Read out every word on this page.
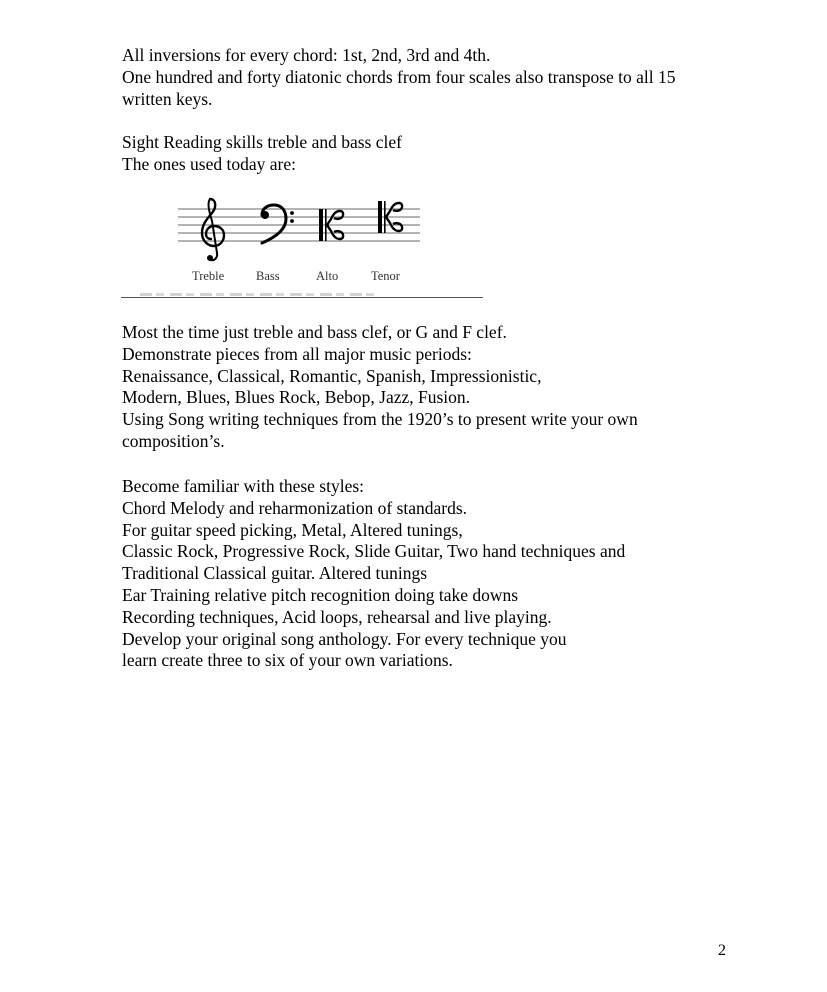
All inversions for every chord: 1st, 2nd, 3rd and 4th.
One hundred and forty diatonic chords from four scales also transpose to all 15
written keys.
Sight Reading skills treble and bass clef
The ones used today are:
Treble	Bass	Alto	Tenor
Most the time just treble and bass clef, or G and F clef.
Demonstrate pieces from all major music periods:
Renaissance, Classical, Romantic, Spanish, Impressionistic,
Modern, Blues, Blues Rock, Bebop, Jazz, Fusion.
Using Song writing techniques from the 1920’s to present write your own
composition’s.
Become familiar with these styles:
Chord Melody and reharmonization of standards.
For guitar speed picking, Metal, Altered tunings,
Classic Rock, Progressive Rock, Slide Guitar, Two hand techniques and
Traditional Classical guitar. Altered tunings
Ear Training relative pitch recognition doing take downs
Recording techniques, Acid loops, rehearsal and live playing.
Develop your original song anthology. For every technique you
learn create three to six of your own variations.
2
